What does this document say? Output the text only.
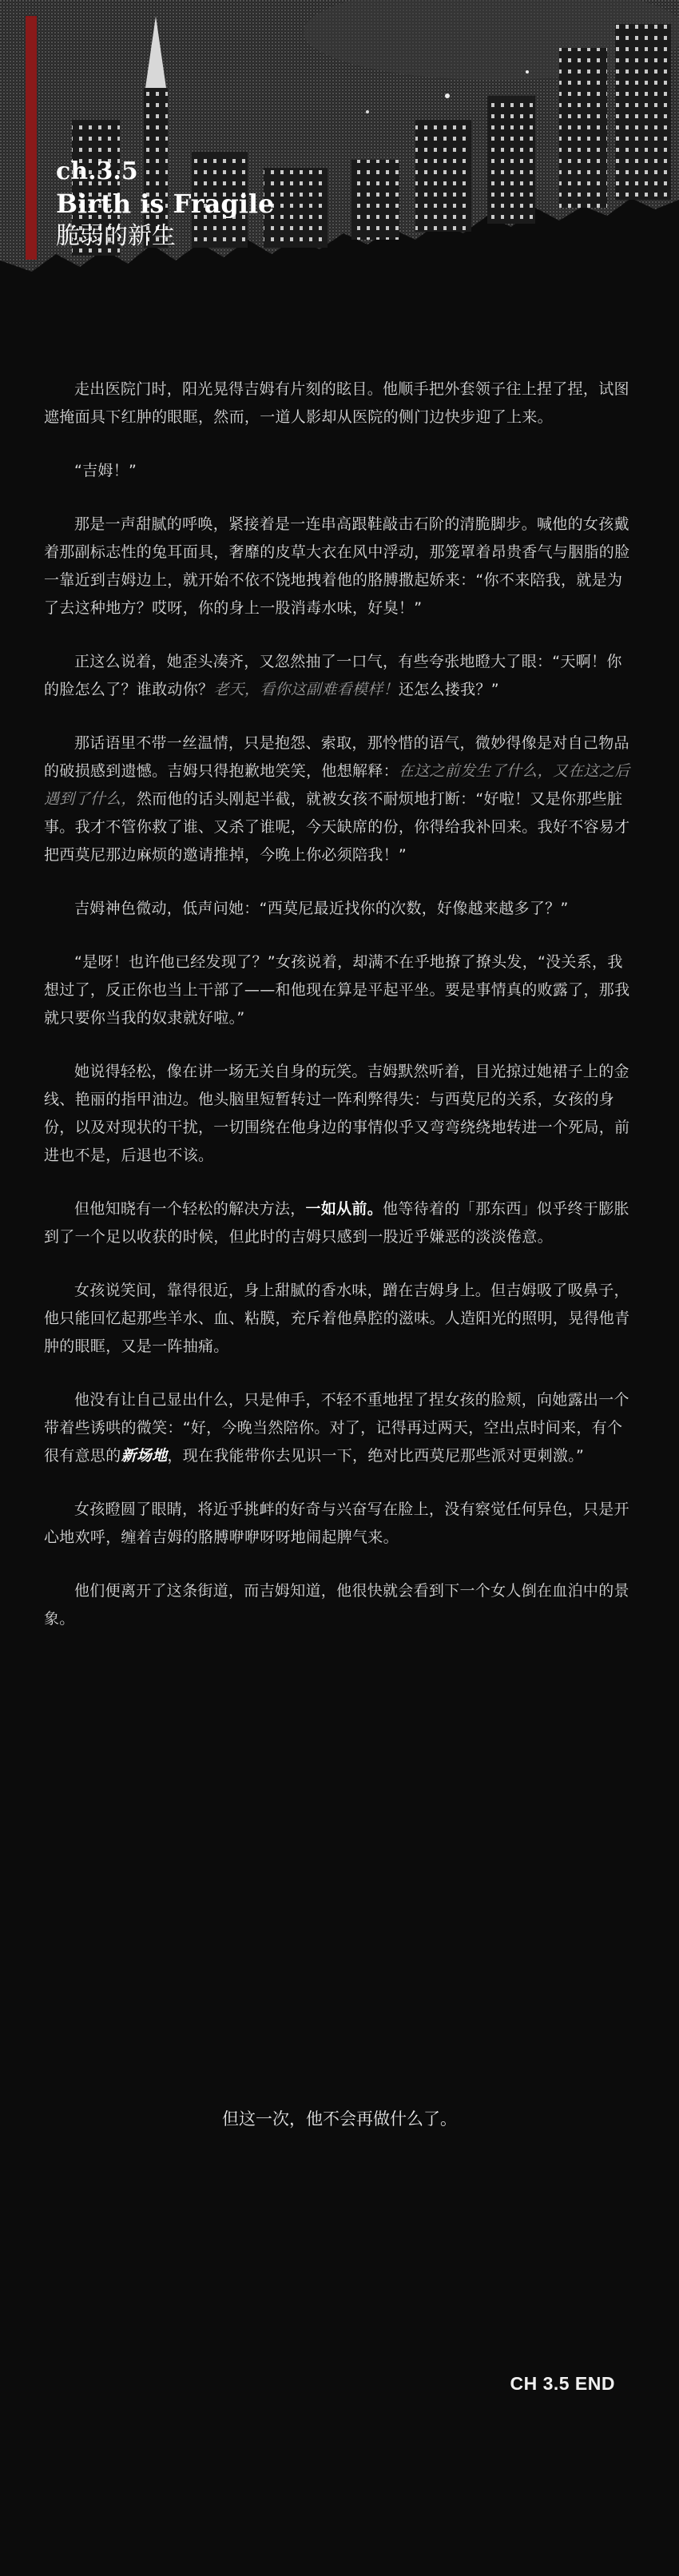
ch.3.5
Birth is Fragile
脆弱的新生

走出医院门时，阳光晃得吉姆有片刻的眩目。他顺手把外套领子往上捏了捏，试图遮掩面具下红肿的眼眶，然而，一道人影却从医院的侧门边快步迎了上来。

“吉姆！”

那是一声甜腻的呼唤，紧接着是一连串高跟鞋敲击石阶的清脆脚步。喊他的女孩戴着那副标志性的兔耳面具，奢靡的皮草大衣在风中浮动，那笼罩着昂贵香气与胭脂的脸一靠近到吉姆边上，就开始不依不饶地拽着他的胳膊撒起娇来：“你不来陪我，就是为了去这种地方？哎呀，你的身上一股消毒水味，好臭！”

正这么说着，她歪头凑齐，又忽然抽了一口气，有些夸张地瞪大了眼：“天啊！你的脸怎么了？谁敢动你？老天，看你这副难看模样！还怎么搂我？”

那话语里不带一丝温情，只是抱怨、索取，那怜惜的语气，微妙得像是对自己物品的破损感到遗憾。吉姆只得抱歉地笑笑，他想解释：在这之前发生了什么，又在这之后遇到了什么，然而他的话头刚起半截，就被女孩不耐烦地打断：“好啦！又是你那些脏事。我才不管你救了谁、又杀了谁呢，今天缺席的份，你得给我补回来。我好不容易才把西莫尼那边麻烦的邀请推掉，今晚上你必须陪我！”

吉姆神色微动，低声问她：“西莫尼最近找你的次数，好像越来越多了？”

“是呀！也许他已经发现了？”女孩说着，却满不在乎地撩了撩头发，“没关系，我想过了，反正你也当上干部了——和他现在算是平起平坐。要是事情真的败露了，那我就只要你当我的奴隶就好啦。”

她说得轻松，像在讲一场无关自身的玩笑。吉姆默然听着，目光掠过她裙子上的金线、艳丽的指甲油边。他头脑里短暂转过一阵利弊得失：与西莫尼的关系，女孩的身份，以及对现状的干扰，一切围绕在他身边的事情似乎又弯弯绕绕地转进一个死局，前进也不是，后退也不该。

但他知晓有一个轻松的解决方法，一如从前。他等待着的「那东西」似乎终于膨胀到了一个足以收获的时候，但此时的吉姆只感到一股近乎嫌恶的淡淡倦意。

女孩说笑间，靠得很近，身上甜腻的香水味，蹭在吉姆身上。但吉姆吸了吸鼻子，他只能回忆起那些羊水、血、粘膜，充斥着他鼻腔的滋味。人造阳光的照明，晃得他青肿的眼眶，又是一阵抽痛。

他没有让自己显出什么，只是伸手，不轻不重地捏了捏女孩的脸颊，向她露出一个带着些诱哄的微笑：“好，今晚当然陪你。对了，记得再过两天，空出点时间来，有个很有意思的新场地，现在我能带你去见识一下，绝对比西莫尼那些派对更刺激。”

女孩瞪圆了眼睛，将近乎挑衅的好奇与兴奋写在脸上，没有察觉任何异色，只是开心地欢呼，缠着吉姆的胳膊咿咿呀呀地闹起脾气来。

他们便离开了这条街道，而吉姆知道，他很快就会看到下一个女人倒在血泊中的景象。

但这一次，他不会再做什么了。
CH 3.5 END
